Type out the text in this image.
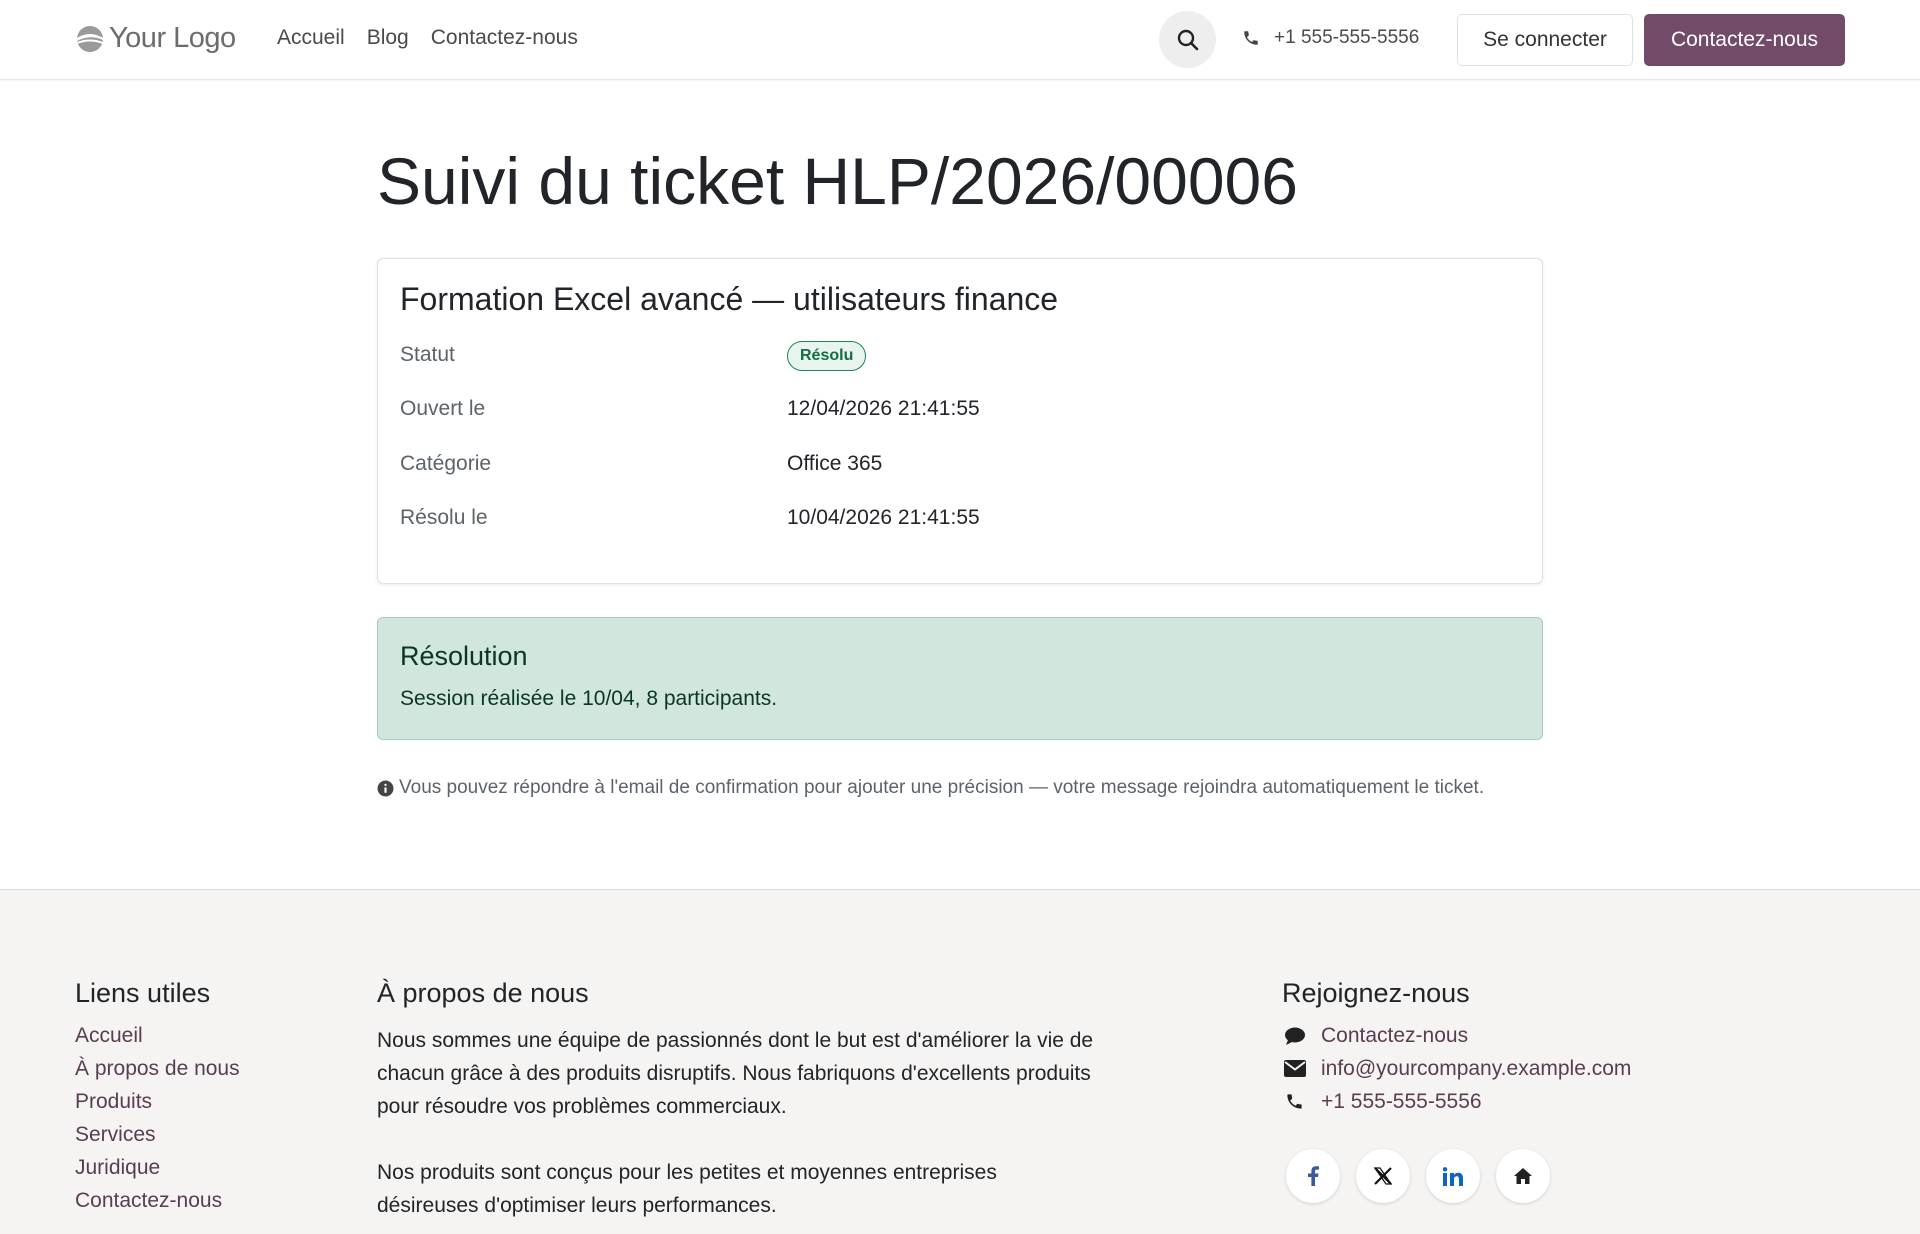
Your Logo Accueil Blog Contactez-nous	+1 555-555-5556	Se connecter	Contactez-nous
Suivi du ticket HLP/2026/00006
Formation Excel avancé — utilisateurs finance
Statut	Résolu
Ouvert le	12/04/2026 21:41:55
Catégorie	Office 365
Résolu le	10/04/2026 21:41:55
Résolution
Session réalisée le 10/04, 8 participants.
Vous pouvez répondre à l'email de confirmation pour ajouter une précision — votre message rejoindra automatiquement le ticket.
Liens utiles
Accueil
À propos de nous
Produits
Services
Juridique
Contactez-nous
À propos de nous

Nous sommes une équipe de passionnés dont le but est d'améliorer la vie de chacun grâce à des produits disruptifs. Nous fabriquons d'excellents produits pour résoudre vos problèmes commerciaux.

Nos produits sont conçus pour les petites et moyennes entreprises désireuses d'optimiser leurs performances.

Rejoignez-nous
Contactez-nous
info@yourcompany.example.com
+1 555-555-5556
